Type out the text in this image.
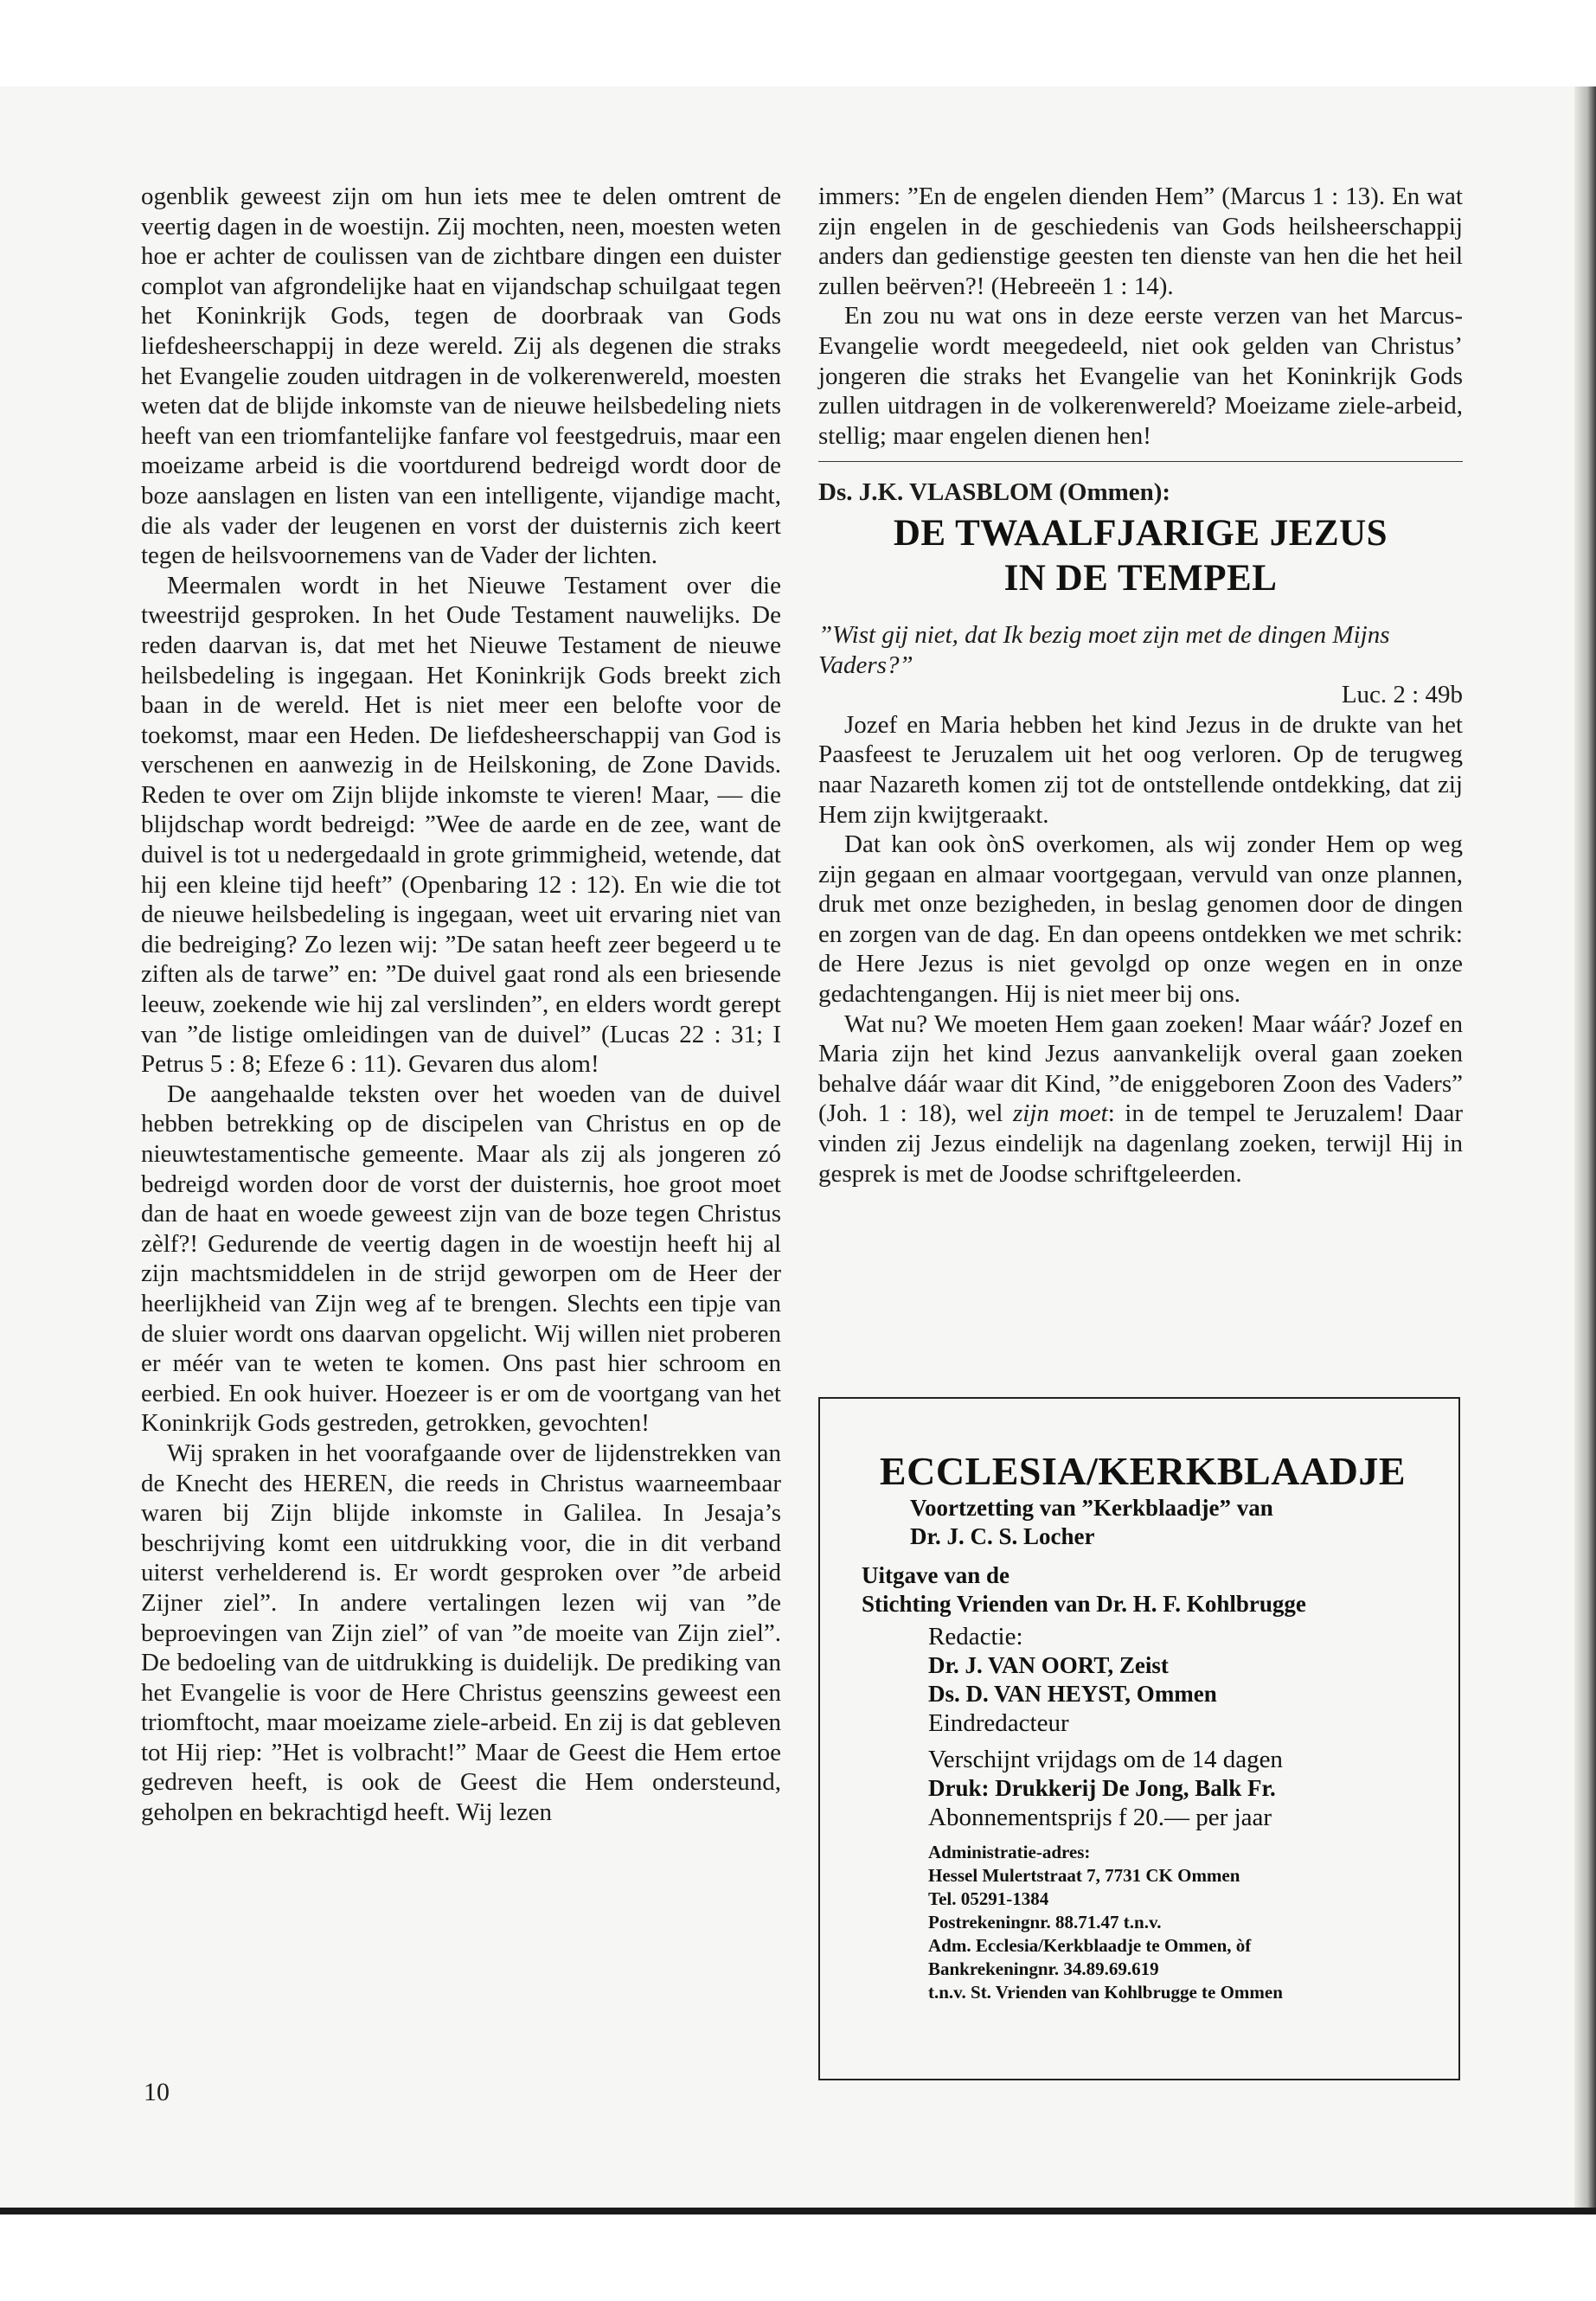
ogenblik geweest zijn om hun iets mee te delen omtrent de veertig dagen in de woestijn. Zij mochten, neen, moesten weten hoe er achter de coulissen van de zichtbare dingen een duister complot van afgrondelijke haat en vijandschap schuilgaat tegen het Koninkrijk Gods, tegen de doorbraak van Gods liefdesheerschappij in deze wereld. Zij als degenen die straks het Evangelie zouden uitdragen in de volkerenwereld, moesten weten dat de blijde inkomste van de nieuwe heilsbedeling niets heeft van een triomfantelijke fanfare vol feestgedruis, maar een moeizame arbeid is die voortdurend bedreigd wordt door de boze aanslagen en listen van een intelligente, vijandige macht, die als vader der leugenen en vorst der duisternis zich keert tegen de heilsvoornemens van de Vader der lichten.

Meermalen wordt in het Nieuwe Testament over die tweestrijd gesproken. In het Oude Testament nauwelijks. De reden daarvan is, dat met het Nieuwe Testament de nieuwe heilsbedeling is ingegaan. Het Koninkrijk Gods breekt zich baan in de wereld. Het is niet meer een belofte voor de toekomst, maar een Heden. De liefdesheerschappij van God is verschenen en aanwezig in de Heilskoning, de Zone Davids. Reden te over om Zijn blijde inkomste te vieren! Maar, — die blijdschap wordt bedreigd: ”Wee de aarde en de zee, want de duivel is tot u nedergedaald in grote grimmigheid, wetende, dat hij een kleine tijd heeft” (Openbaring 12 : 12). En wie die tot de nieuwe heilsbedeling is ingegaan, weet uit ervaring niet van die bedreiging? Zo lezen wij: ”De satan heeft zeer begeerd u te ziften als de tarwe” en: ”De duivel gaat rond als een briesende leeuw, zoekende wie hij zal verslinden”, en elders wordt gerept van ”de listige omleidingen van de duivel” (Lucas 22 : 31; I Petrus 5 : 8; Efeze 6 : 11). Gevaren dus alom!

De aangehaalde teksten over het woeden van de duivel hebben betrekking op de discipelen van Christus en op de nieuwtestamentische gemeente. Maar als zij als jongeren zó bedreigd worden door de vorst der duisternis, hoe groot moet dan de haat en woede geweest zijn van de boze tegen Christus zèlf?! Gedurende de veertig dagen in de woestijn heeft hij al zijn machtsmiddelen in de strijd geworpen om de Heer der heerlijkheid van Zijn weg af te brengen. Slechts een tipje van de sluier wordt ons daarvan opgelicht. Wij willen niet proberen er méér van te weten te komen. Ons past hier schroom en eerbied. En ook huiver. Hoezeer is er om de voortgang van het Koninkrijk Gods gestreden, getrokken, gevochten!

Wij spraken in het voorafgaande over de lijdenstrekken van de Knecht des HEREN, die reeds in Christus waarneembaar waren bij Zijn blijde inkomste in Galilea. In Jesaja’s beschrijving komt een uitdrukking voor, die in dit verband uiterst verhelderend is. Er wordt gesproken over ”de arbeid Zijner ziel”. In andere vertalingen lezen wij van ”de beproevingen van Zijn ziel” of van ”de moeite van Zijn ziel”. De bedoeling van de uitdrukking is duidelijk. De prediking van het Evangelie is voor de Here Christus geenszins geweest een triomftocht, maar moeizame ziele-arbeid. En zij is dat gebleven tot Hij riep: ”Het is volbracht!” Maar de Geest die Hem ertoe gedreven heeft, is ook de Geest die Hem ondersteund, geholpen en bekrachtigd heeft. Wij lezen

10

immers: ”En de engelen dienden Hem” (Marcus 1 : 13). En wat zijn engelen in de geschiedenis van Gods heilsheerschappij anders dan gedienstige geesten ten dienste van hen die het heil zullen beërven?! (Hebreeën 1 : 14).

En zou nu wat ons in deze eerste verzen van het Marcus-Evangelie wordt meegedeeld, niet ook gelden van Christus’ jongeren die straks het Evangelie van het Koninkrijk Gods zullen uitdragen in de volkerenwereld? Moeizame ziele-arbeid, stellig; maar engelen dienen hen!

Ds. J.K. VLASBLOM (Ommen):

DE TWAALFJARIGE JEZUS
IN DE TEMPEL

”Wist gij niet, dat Ik bezig moet zijn met de dingen Mijns Vaders?”

Luc. 2 : 49b

Jozef en Maria hebben het kind Jezus in de drukte van het Paasfeest te Jeruzalem uit het oog verloren. Op de terugweg naar Nazareth komen zij tot de ontstellende ontdekking, dat zij Hem zijn kwijtgeraakt.

Dat kan ook ònS overkomen, als wij zonder Hem op weg zijn gegaan en almaar voortgegaan, vervuld van onze plannen, druk met onze bezigheden, in beslag genomen door de dingen en zorgen van de dag. En dan opeens ontdekken we met schrik: de Here Jezus is niet gevolgd op onze wegen en in onze gedachtengangen. Hij is niet meer bij ons.

Wat nu? We moeten Hem gaan zoeken! Maar wáár? Jozef en Maria zijn het kind Jezus aanvankelijk overal gaan zoeken behalve dáár waar dit Kind, ”de eniggeboren Zoon des Vaders” (Joh. 1 : 18), wel zijn moet: in de tempel te Jeruzalem! Daar vinden zij Jezus eindelijk na dagenlang zoeken, terwijl Hij in gesprek is met de Joodse schriftgeleerden.

ECCLESIA/KERKBLAADJE

Voortzetting van ”Kerkblaadje” van

Dr. J. C. S. Locher

Uitgave van de

Stichting Vrienden van Dr. H. F. Kohlbrugge

Redactie:

Dr. J. VAN OORT, Zeist

Ds. D. VAN HEYST, Ommen

Eindredacteur

Verschijnt vrijdags om de 14 dagen

Druk: Drukkerij De Jong, Balk Fr.

Abonnementsprijs f 20.— per jaar

Administratie-adres:

Hessel Mulertstraat 7, 7731 CK Ommen

Tel. 05291-1384

Postrekeningnr. 88.71.47 t.n.v.

Adm. Ecclesia/Kerkblaadje te Ommen, òf

Bankrekeningnr. 34.89.69.619

t.n.v. St. Vrienden van Kohlbrugge te Ommen
